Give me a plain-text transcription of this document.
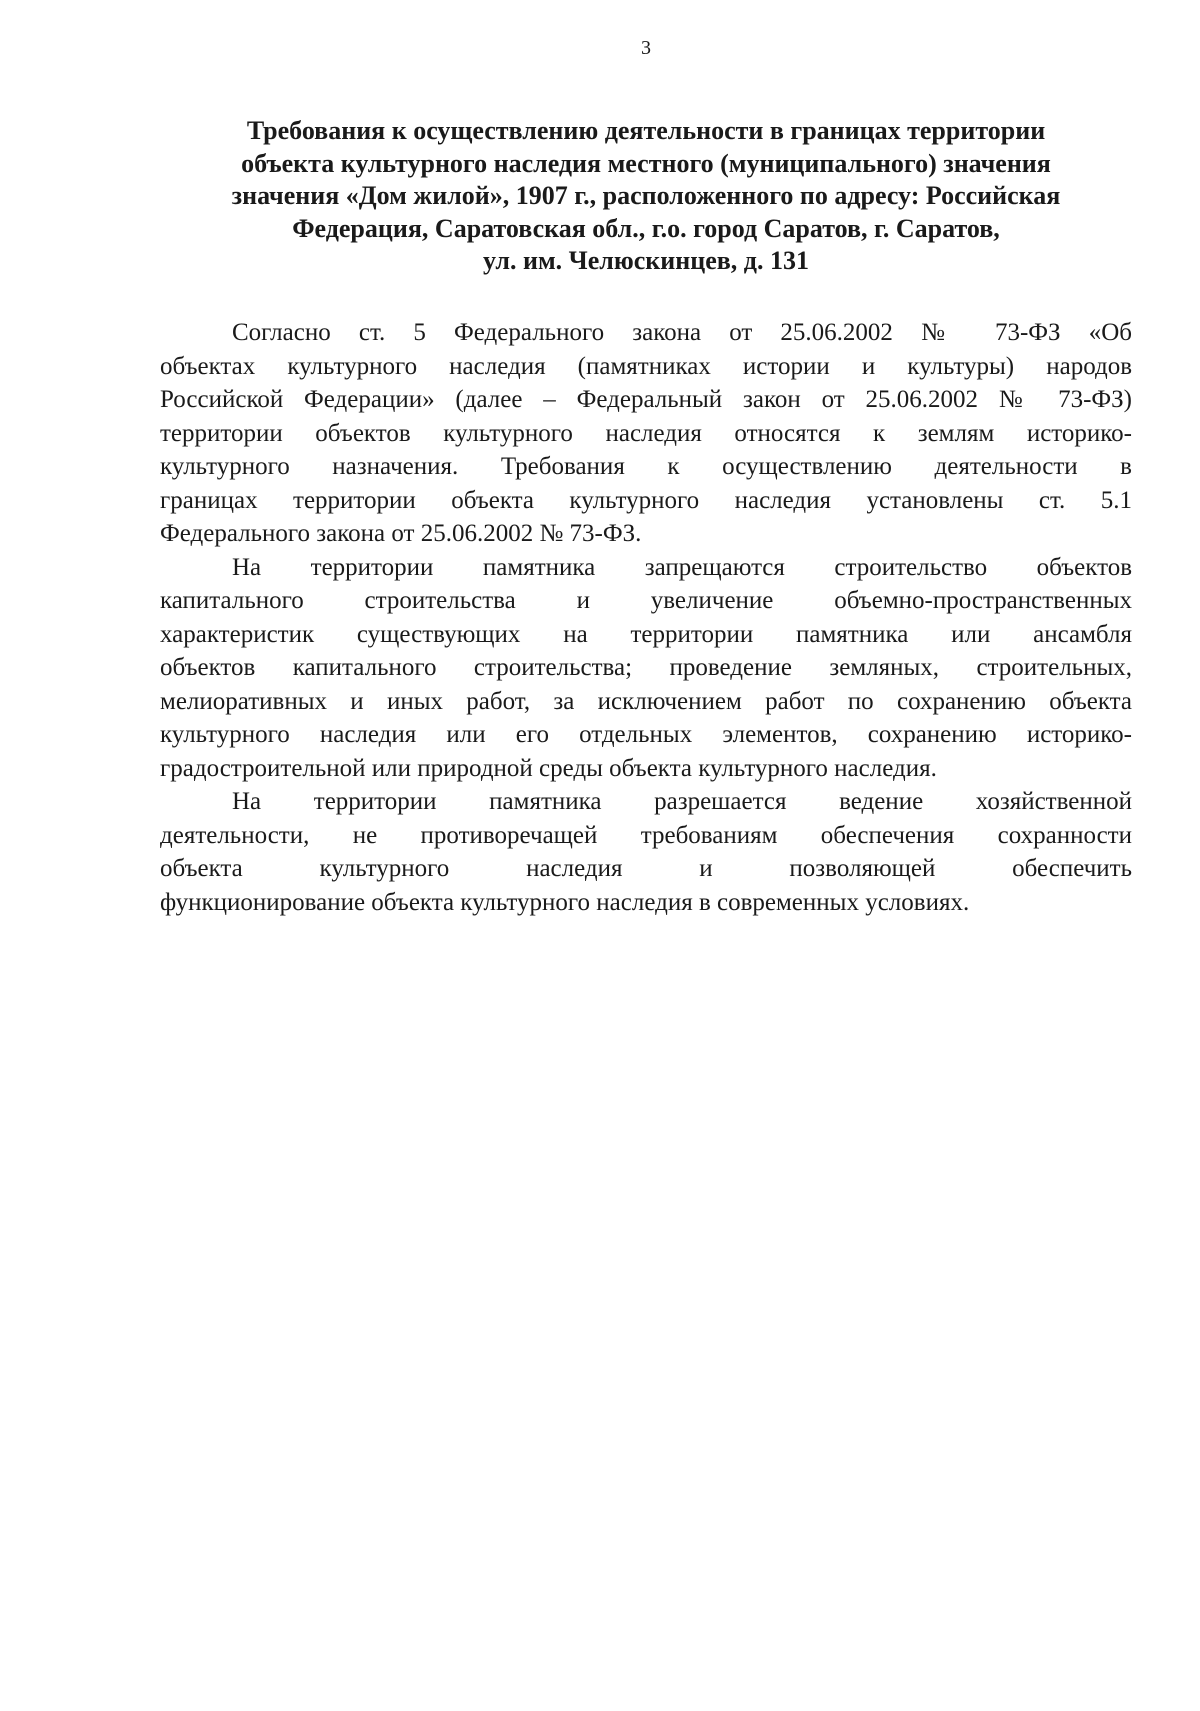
3
Требования к осуществлению деятельности в границах территории
объекта культурного наследия местного (муниципального) значения
значения «Дом жилой», 1907 г., расположенного по адресу: Российская
Федерация, Саратовская обл., г.о. город Саратов, г. Саратов,
ул. им. Челюскинцев, д. 131
Согласно ст. 5 Федерального закона от 25.06.2002 № 73-ФЗ «Об
объектах культурного наследия (памятниках истории и культуры) народов
Российской Федерации» (далее – Федеральный закон от 25.06.2002 № 73-ФЗ)
территории объектов культурного наследия относятся к землям историко-
культурного назначения. Требования к осуществлению деятельности в
границах территории объекта культурного наследия установлены ст. 5.1
Федерального закона от 25.06.2002 № 73-ФЗ.
На территории памятника запрещаются строительство объектов
капитального строительства и увеличение объемно-пространственных
характеристик существующих на территории памятника или ансамбля
объектов капитального строительства; проведение земляных, строительных,
мелиоративных и иных работ, за исключением работ по сохранению объекта
культурного наследия или его отдельных элементов, сохранению историко-
градостроительной или природной среды объекта культурного наследия.
На территории памятника разрешается ведение хозяйственной
деятельности, не противоречащей требованиям обеспечения сохранности
объекта культурного наследия и позволяющей обеспечить
функционирование объекта культурного наследия в современных условиях.
